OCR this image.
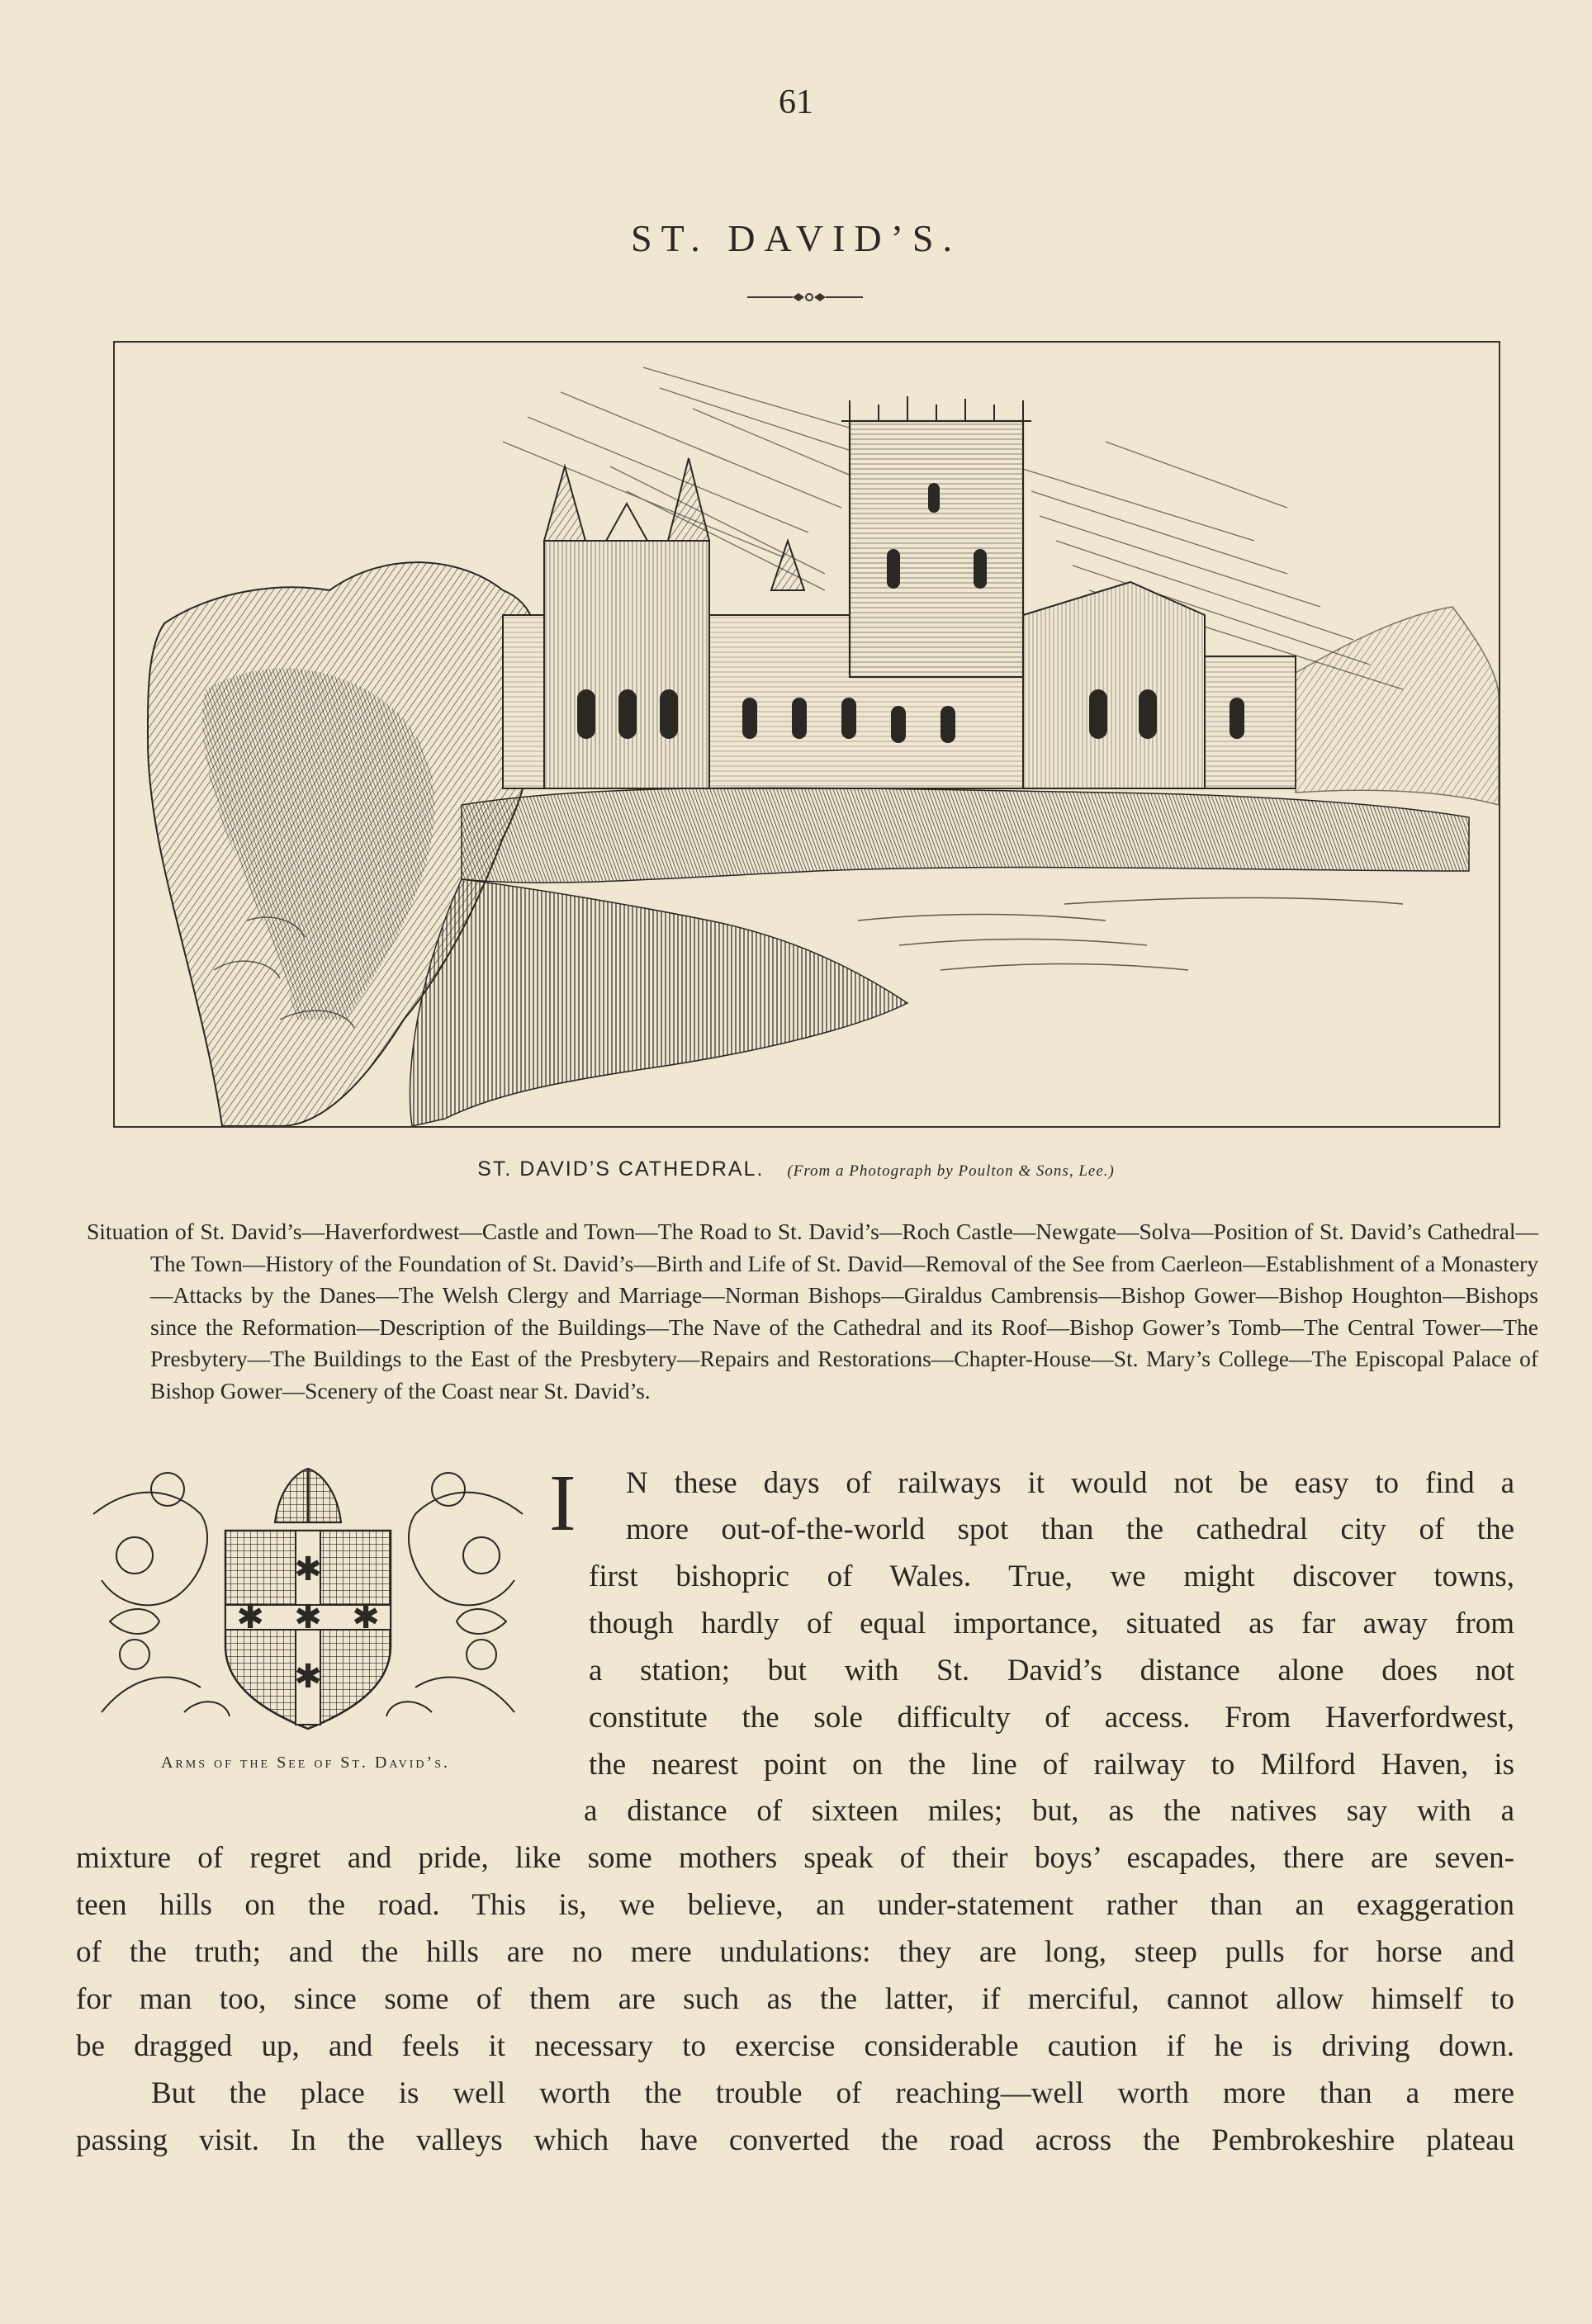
61
ST. DAVID’S.
ST. DAVID’S CATHEDRAL. (From a Photograph by Poulton & Sons, Lee.)
Situation of St. David’s—Haverfordwest—Castle and Town—The Road to St. David’s—Roch Castle—Newgate—Solva—Position of St. David’s Cathedral—The Town—History of the Foundation of St. David’s—Birth and Life of St. David—Removal of the See from Caerleon—Establishment of a Monastery—Attacks by the Danes—The Welsh Clergy and Marriage—Norman Bishops—Giraldus Cambrensis—Bishop Gower—Bishop Houghton—Bishops since the Reformation—Description of the Buildings—The Nave of the Cathedral and its Roof—Bishop Gower’s Tomb—The Central Tower—The Presbytery—The Buildings to the East of the Presbytery—Repairs and Restorations—Chapter-House—St. Mary’s College—The Episcopal Palace of Bishop Gower—Scenery of the Coast near St. David’s.
✱
✱ ✱ ✱
✱
Arms of the See of St. David’s.
I N these days of railways it would not be easy to find a
more out-of-the-world spot than the cathedral city of the
first bishopric of Wales. True, we might discover towns,
though hardly of equal importance, situated as far away from
a station; but with St. David’s distance alone does not
constitute the sole difficulty of access. From Haverfordwest,
the nearest point on the line of railway to Milford Haven, is
a distance of sixteen miles; but, as the natives say with a
mixture of regret and pride, like some mothers speak of their boys’ escapades, there are seven-
teen hills on the road. This is, we believe, an under-statement rather than an exaggeration
of the truth; and the hills are no mere undulations: they are long, steep pulls for horse and
for man too, since some of them are such as the latter, if merciful, cannot allow himself to
be dragged up, and feels it necessary to exercise considerable caution if he is driving down.
But the place is well worth the trouble of reaching—well worth more than a mere
passing visit. In the valleys which have converted the road across the Pembrokeshire plateau
